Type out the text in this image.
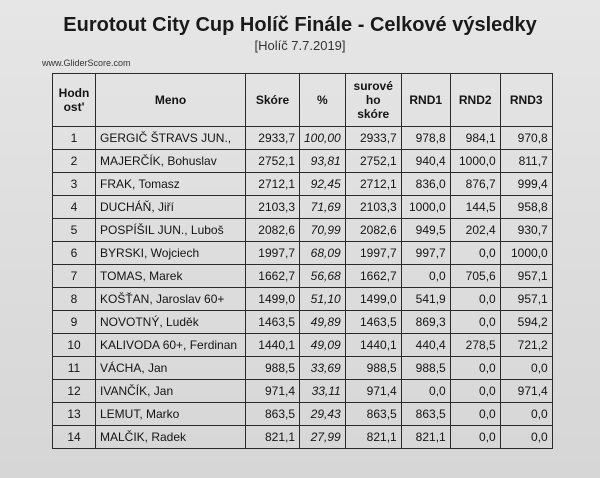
Eurotout City Cup Holíč Finále - Celkové výsledky
[Holíč 7.7.2019]
www.GliderScore.com
Hodn ost'	Meno	Skóre	%	surové ho skóre	RND1	RND2	RND3
1	GERGIČ ŠTRAVS JUN.,	2933,7	100,00	2933,7	978,8	984,1	970,8
2	MAJERČÍK, Bohuslav	2752,1	93,81	2752,1	940,4	1000,0	811,7
3	FRAK, Tomasz	2712,1	92,45	2712,1	836,0	876,7	999,4
4	DUCHÁŇ, Jiří	2103,3	71,69	2103,3	1000,0	144,5	958,8
5	POSPÍŠIL JUN., Luboš	2082,6	70,99	2082,6	949,5	202,4	930,7
6	BYRSKI, Wojciech	1997,7	68,09	1997,7	997,7	0,0	1000,0
7	TOMAS, Marek	1662,7	56,68	1662,7	0,0	705,6	957,1
8	KOŠŤAN, Jaroslav 60+	1499,0	51,10	1499,0	541,9	0,0	957,1
9	NOVOTNÝ, Luděk	1463,5	49,89	1463,5	869,3	0,0	594,2
10	KALIVODA 60+, Ferdinan	1440,1	49,09	1440,1	440,4	278,5	721,2
11	VÁCHA, Jan	988,5	33,69	988,5	988,5	0,0	0,0
12	IVANČÍK, Jan	971,4	33,11	971,4	0,0	0,0	971,4
13	LEMUT, Marko	863,5	29,43	863,5	863,5	0,0	0,0
14	MALČIK, Radek	821,1	27,99	821,1	821,1	0,0	0,0
